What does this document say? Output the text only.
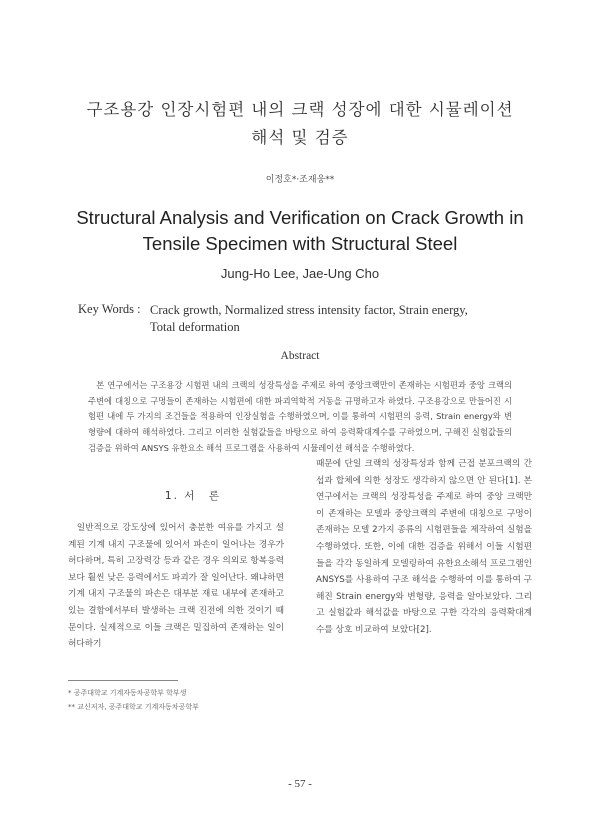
구조용강 인장시험편 내의 크랙 성장에 대한 시뮬레이션
해석 및 검증
이정호*·조재웅**
Structural Analysis and Verification on Crack Growth in
Tensile Specimen with Structural Steel
Jung-Ho Lee, Jae-Ung Cho
Key Words : Crack growth, Normalized stress intensity factor, Strain energy, Total deformation
Abstract
본 연구에서는 구조용강 시험편 내의 크랙의 성장특성을 주제로 하여 중앙크랙만이 존재하는 시험편과 중앙 크랙의 주변에 대칭으로 구멍들이 존재하는 시험편에 대한 파괴역학적 거동을 규명하고자 하였다. 구조용강으로 만들어진 시험편 내에 두 가지의 조건들을 적용하여 인장실험을 수행하였으며, 이를 통하여 시험편의 응력, Strain energy와 변형량에 대하여 해석하였다. 그리고 이러한 실험값들을 바탕으로 하여 응력확대계수를 구하였으며, 구해진 실험값들의 검증을 위하여 ANSYS 유한요소 해석 프로그램을 사용하여 시뮬레이션 해석을 수행하였다.
1. 서　론
일반적으로 강도상에 있어서 충분한 여유를 가지고 설계된 기계 내지 구조물에 있어서 파손이 일어나는 경우가 허다하며, 특히 고장력강 등과 같은 경우 의외로 항복응력보다 훨씬 낮은 응력에서도 파괴가 잘 일어난다. 왜냐하면 기계 내지 구조물의 파손은 대부분 재료 내부에 존재하고 있는 결함에서부터 발생하는 크랙 진전에 의한 것이기 때문이다. 실제적으로 이들 크랙은 밀집하여 존재하는 일이 허다하기
때문에 단일 크랙의 성장특성과 함께 근접 분포크랙의 간섭과 합체에 의한 성장도 생각하지 않으면 안 된다[1]. 본 연구에서는 크랙의 성장특성을 주제로 하여 중앙 크랙만이 존재하는 모델과 중앙크랙의 주변에 대칭으로 구멍이 존재하는 모델 2가지 종류의 시험편들을 제작하여 실험을 수행하였다. 또한, 이에 대한 검증을 위해서 이들 시험편들을 각각 동일하게 모델링하여 유한요소해석 프로그램인 ANSYS를 사용하여 구조 해석을 수행하여 이를 통하여 구해진 Strain energy와 변형량, 응력을 알아보았다. 그리고 실험값과 해석값을 바탕으로 구한 각각의 응력확대계수를 상호 비교하여 보았다[2].
* 공주대학교 기계자동차공학부 학부생
** 교신저자, 공주대학교 기계자동차공학부
- 57 -
